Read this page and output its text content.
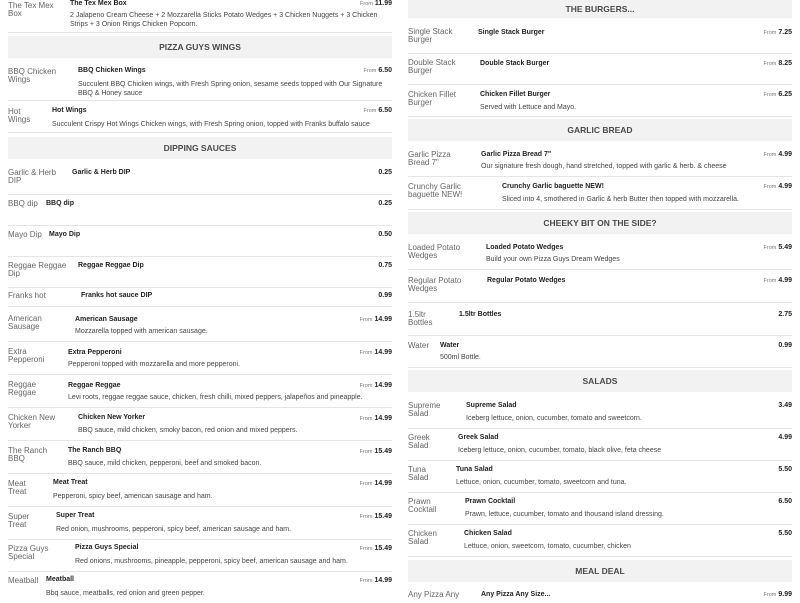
The Tex Mex Box
The Tex Mex Box	From 11.99
2 Jalapeno Cream Cheese + 2 Mozzarella Sticks Potato Wedges + 3 Chicken Nuggets + 3 Chicken Strips + 3 Onion Rings Chicken Popcorn.
PIZZA GUYS WINGS
BBQ Chicken Wings
BBQ Chicken Wings	From 6.50
Succulent BBQ Chicken wings, with Fresh Spring onion, sesame seeds topped with Our Signature BBQ & Honey sauce
Hot Wings
Hot Wings	From 6.50
Succulent Crispy Hot Wings Chicken wings, with Fresh Spring onion, topped with Franks buffalo sauce
DIPPING SAUCES
Garlic & Herb DIP
Garlic & Herb DIP	0.25
BBQ dip BBQ dip	0.25
Mayo Dip Mayo Dip	0.50
Reggae Reggae Dip
Reggae Reggae Dip	0.75
Franks hot	Franks hot sauce DIP	0.99
American Sausage
American Sausage	From 14.99
Mozzarella topped with american sausage.
Extra Pepperoni
Extra Pepperoni	From 14.99
Pepperoni topped with mozzarella and more pepperoni.
Reggae Reggae
Reggae Reggae	From 14.99
Levi roots, reggae reggae sauce, chicken, fresh chilli, mixed peppers, jalapeños and pineapple.
Chicken New Yorker
Chicken New Yorker	From 14.99
BBQ sauce, mild chicken, smoky bacon, red onion and mixed peppers.
The Ranch BBQ
The Ranch BBQ	From 15.49
BBQ sauce, mild chicken, pepperoni, beef and smoked bacon.
Meat Treat
Meat Treat	From 14.99
Pepperoni, spicy beef, american sausage and ham.
Super Treat
Super Treat	From 15.49
Red onion, mushrooms, pepperoni, spicy beef, american sausage and ham.
Pizza Guys Special
Pizza Guys Special	From 15.49
Red onions, mushrooms, pineapple, pepperoni, spicy beef, american sausage and ham.
Meatball	Meatball	From 14.99
Bbq sauce, meatballs, red onion and green pepper.
THE BURGERS...
Single Stack Burger
Single Stack Burger	From 7.25
Double Stack Burger
Double Stack Burger	From 8.25
Chicken Fillet Burger
Chicken Fillet Burger	From 6.25
Served with Lettuce and Mayo.
GARLIC BREAD
Garlic Pizza Bread 7"
Garlic Pizza Bread 7"	From 4.99
Our signature fresh dough, hand stretched, topped with garlic & herb. & cheese
Crunchy Garlic baguette NEW!
Crunchy Garlic baguette NEW!	From 4.99
Sliced into 4, smothered in Garlic & herb Butter then topped with mozzarella.
CHEEKY BIT ON THE SIDE?
Loaded Potato Wedges
Loaded Potato Wedges	From 5.49
Build your own Pizza Guys Dream Wedges
Regular Potato Wedges
Regular Potato Wedges	From 4.99
1.5ltr Bottles
1.5ltr Bottles	2.75
Water	Water	0.99
500ml Bottle.
SALADS
Supreme Salad
Supreme Salad	3.49
Iceberg lettuce, onion, cucumber, tomato and sweetcorn.
Greek Salad
Greek Salad	4.99
Iceberg lettuce, onion, cucumber, tomato, black olive, feta cheese
Tuna Salad
Tuna Salad	5.50
Lettuce, onion, cucumber, tomato, sweetcorn and tuna.
Prawn Cocktail
Prawn Cocktail	6.50
Prawn, lettuce, cucumber, tomato and thousand island dressing.
Chicken Salad
Chicken Salad	5.50
Lettuce, onion, sweetcorn, tomato, cucumber, chicken
MEAL DEAL
Any Pizza Any	Any Pizza Any Size...	From 9.99
